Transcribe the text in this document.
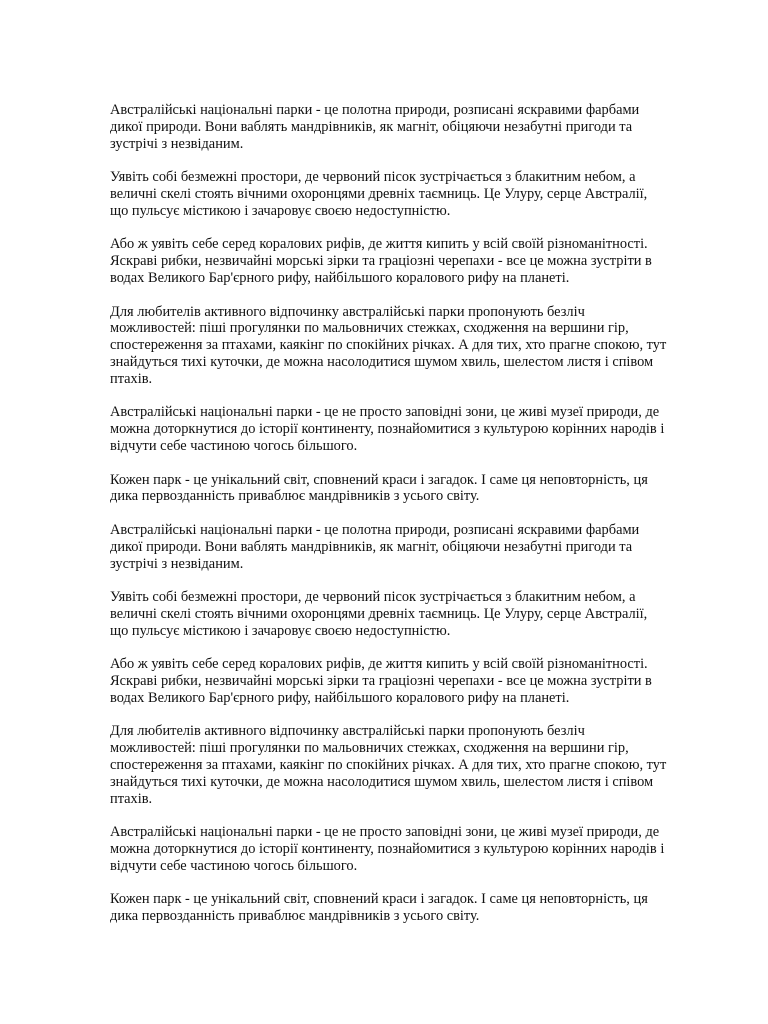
Австралійські національні парки - це полотна природи, розписані яскравими фарбами
дикої природи. Вони ваблять мандрівників, як магніт, обіцяючи незабутні пригоди та
зустрічі з незвіданим.

Уявіть собі безмежні простори, де червоний пісок зустрічається з блакитним небом, а
величні скелі стоять вічними охоронцями древніх таємниць. Це Улуру, серце Австралії,
що пульсує містикою і зачаровує своєю недоступністю.

Або ж уявіть себе серед коралових рифів, де життя кипить у всій своїй різноманітності.
Яскраві рибки, незвичайні морські зірки та граціозні черепахи - все це можна зустріти в
водах Великого Бар'єрного рифу, найбільшого коралового рифу на планеті.

Для любителів активного відпочинку австралійські парки пропонують безліч
можливостей: піші прогулянки по мальовничих стежках, сходження на вершини гір,
спостереження за птахами, каякінг по спокійних річках. А для тих, хто прагне спокою, тут
знайдуться тихі куточки, де можна насолодитися шумом хвиль, шелестом листя і співом
птахів.

Австралійські національні парки - це не просто заповідні зони, це живі музеї природи, де
можна доторкнутися до історії континенту, познайомитися з культурою корінних народів і
відчути себе частиною чогось більшого.

Кожен парк - це унікальний світ, сповнений краси і загадок. І саме ця неповторність, ця
дика первозданність приваблює мандрівників з усього світу.

Австралійські національні парки - це полотна природи, розписані яскравими фарбами
дикої природи. Вони ваблять мандрівників, як магніт, обіцяючи незабутні пригоди та
зустрічі з незвіданим.

Уявіть собі безмежні простори, де червоний пісок зустрічається з блакитним небом, а
величні скелі стоять вічними охоронцями древніх таємниць. Це Улуру, серце Австралії,
що пульсує містикою і зачаровує своєю недоступністю.

Або ж уявіть себе серед коралових рифів, де життя кипить у всій своїй різноманітності.
Яскраві рибки, незвичайні морські зірки та граціозні черепахи - все це можна зустріти в
водах Великого Бар'єрного рифу, найбільшого коралового рифу на планеті.

Для любителів активного відпочинку австралійські парки пропонують безліч
можливостей: піші прогулянки по мальовничих стежках, сходження на вершини гір,
спостереження за птахами, каякінг по спокійних річках. А для тих, хто прагне спокою, тут
знайдуться тихі куточки, де можна насолодитися шумом хвиль, шелестом листя і співом
птахів.

Австралійські національні парки - це не просто заповідні зони, це живі музеї природи, де
можна доторкнутися до історії континенту, познайомитися з культурою корінних народів і
відчути себе частиною чогось більшого.

Кожен парк - це унікальний світ, сповнений краси і загадок. І саме ця неповторність, ця
дика первозданність приваблює мандрівників з усього світу.
